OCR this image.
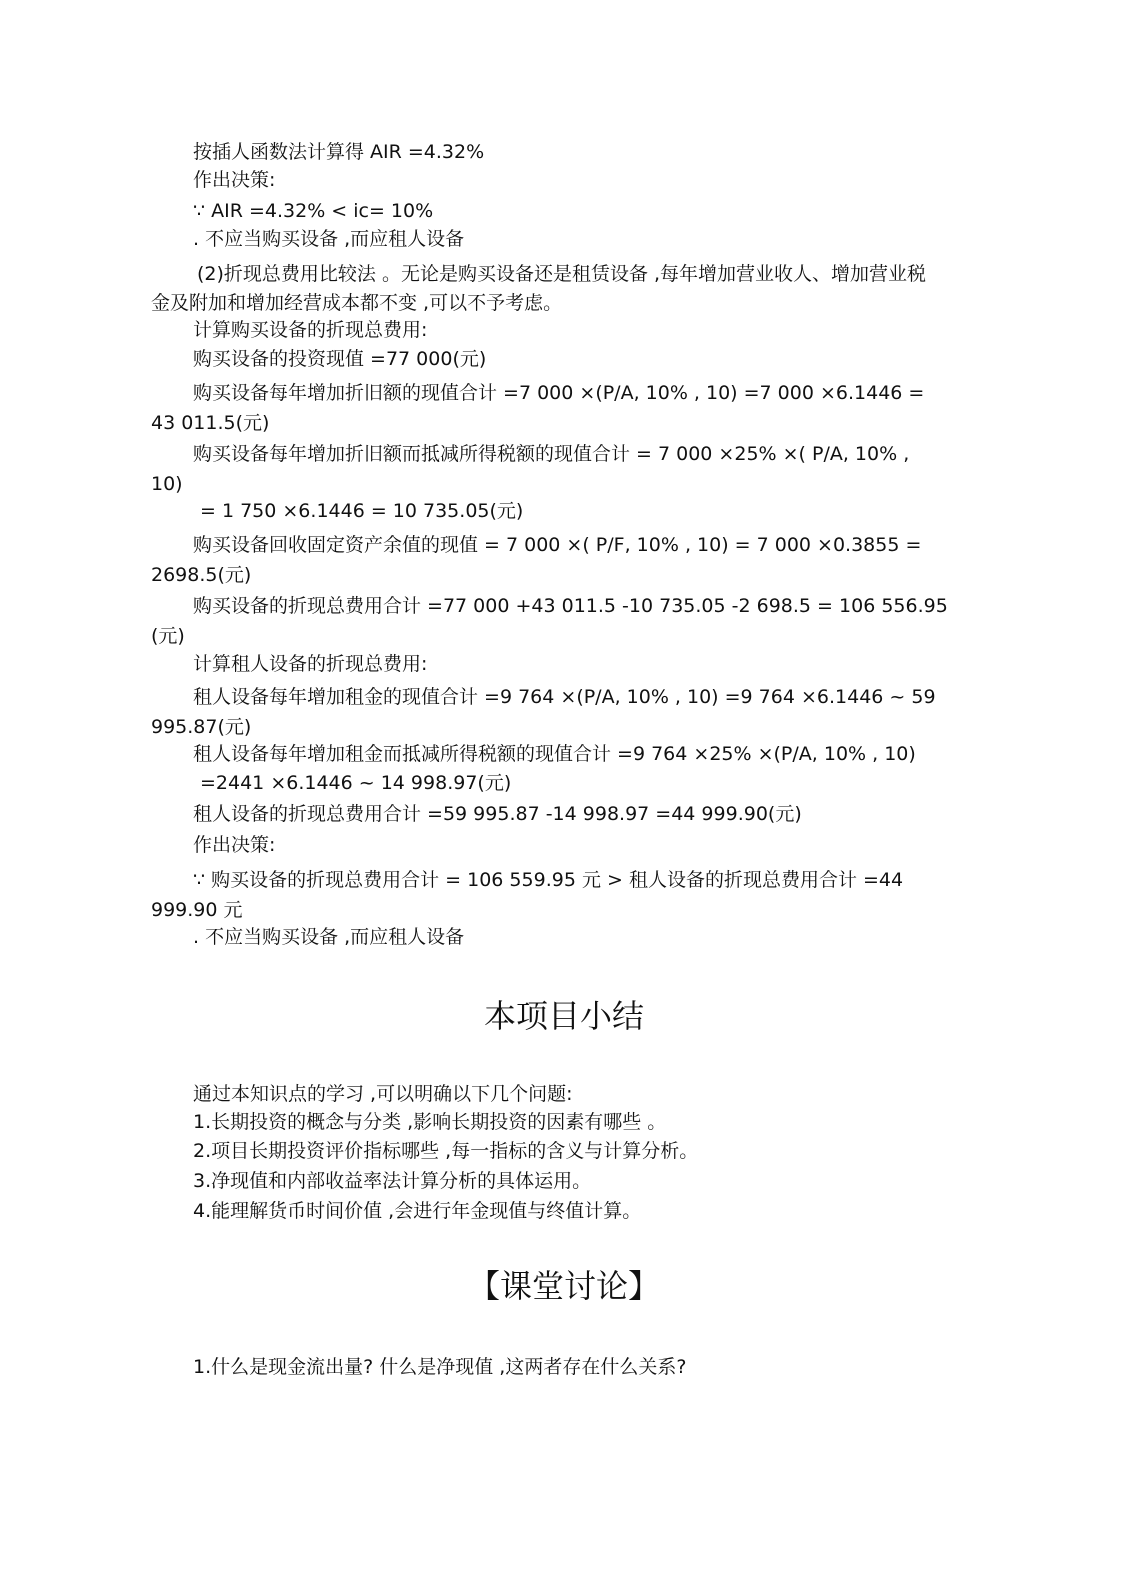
按插人函数法计算得 AIR =4.32%

作出决策:

∵ AIR =4.32% < ic= 10%

. 不应当购买设备 ,而应租人设备

(2)折现总费用比较法 。无论是购买设备还是租赁设备 ,每年增加营业收人、增加营业税

金及附加和增加经营成本都不变 ,可以不予考虑。

计算购买设备的折现总费用:

购买设备的投资现值 =77 000(元)

购买设备每年增加折旧额的现值合计 =7 000 ×(P/A, 10% , 10) =7 000 ×6.1446 =

43 011.5(元)

购买设备每年增加折旧额而抵减所得税额的现值合计 = 7 000 ×25% ×( P/A, 10% ,

10)

= 1 750 ×6.1446 = 10 735.05(元)

购买设备回收固定资产余值的现值 = 7 000 ×( P/F, 10% , 10) = 7 000 ×0.3855 =

2698.5(元)

购买设备的折现总费用合计 =77 000 +43 011.5 -10 735.05 -2 698.5 = 106 556.95

(元)

计算租人设备的折现总费用:

租人设备每年增加租金的现值合计 =9 764 ×(P/A, 10% , 10) =9 764 ×6.1446 ~ 59

995.87(元)

租人设备每年增加租金而抵减所得税额的现值合计 =9 764 ×25% ×(P/A, 10% , 10)

=2441 ×6.1446 ~ 14 998.97(元)

租人设备的折现总费用合计 =59 995.87 -14 998.97 =44 999.90(元)

作出决策:

∵ 购买设备的折现总费用合计 = 106 559.95 元 > 租人设备的折现总费用合计 =44

999.90 元

. 不应当购买设备 ,而应租人设备

本项目小结

通过本知识点的学习 ,可以明确以下几个问题:

1.长期投资的概念与分类 ,影响长期投资的因素有哪些 。

2.项目长期投资评价指标哪些 ,每一指标的含义与计算分析。

3.净现值和内部收益率法计算分析的具体运用。

4.能理解货币时间价值 ,会进行年金现值与终值计算。

【课堂讨论】

1.什么是现金流出量? 什么是净现值 ,这两者存在什么关系?
